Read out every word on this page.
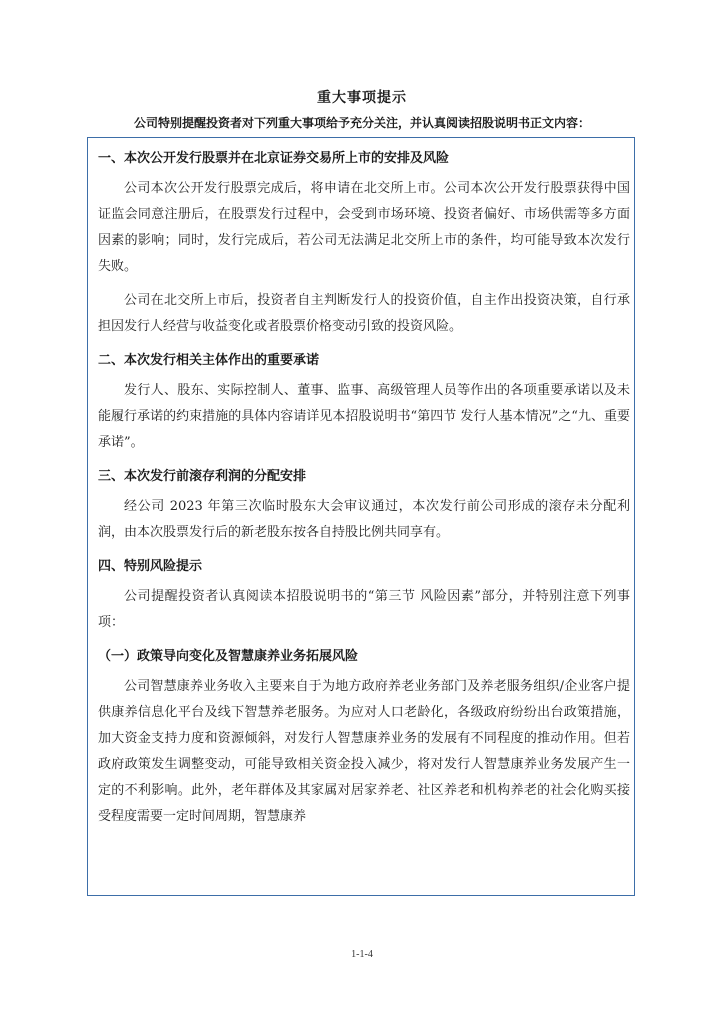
重大事项提示
公司特别提醒投资者对下列重大事项给予充分关注，并认真阅读招股说明书正文内容：

一、本次公开发行股票并在北京证券交易所上市的安排及风险

公司本次公开发行股票完成后，将申请在北交所上市。公司本次公开发行股票获得中国证监会同意注册后，在股票发行过程中，会受到市场环境、投资者偏好、市场供需等多方面因素的影响；同时，发行完成后，若公司无法满足北交所上市的条件，均可能导致本次发行失败。

公司在北交所上市后，投资者自主判断发行人的投资价值，自主作出投资决策，自行承担因发行人经营与收益变化或者股票价格变动引致的投资风险。

二、本次发行相关主体作出的重要承诺

发行人、股东、实际控制人、董事、监事、高级管理人员等作出的各项重要承诺以及未能履行承诺的约束措施的具体内容请详见本招股说明书“第四节 发行人基本情况”之“九、重要承诺”。

三、本次发行前滚存利润的分配安排

经公司 2023 年第三次临时股东大会审议通过，本次发行前公司形成的滚存未分配利润，由本次股票发行后的新老股东按各自持股比例共同享有。

四、特别风险提示

公司提醒投资者认真阅读本招股说明书的“第三节 风险因素”部分，并特别注意下列事项：

（一）政策导向变化及智慧康养业务拓展风险

公司智慧康养业务收入主要来自于为地方政府养老业务部门及养老服务组织/企业客户提供康养信息化平台及线下智慧养老服务。为应对人口老龄化，各级政府纷纷出台政策措施，加大资金支持力度和资源倾斜，对发行人智慧康养业务的发展有不同程度的推动作用。但若政府政策发生调整变动，可能导致相关资金投入减少，将对发行人智慧康养业务发展产生一定的不利影响。此外，老年群体及其家属对居家养老、社区养老和机构养老的社会化购买接受程度需要一定时间周期，智慧康养

1-1-4
